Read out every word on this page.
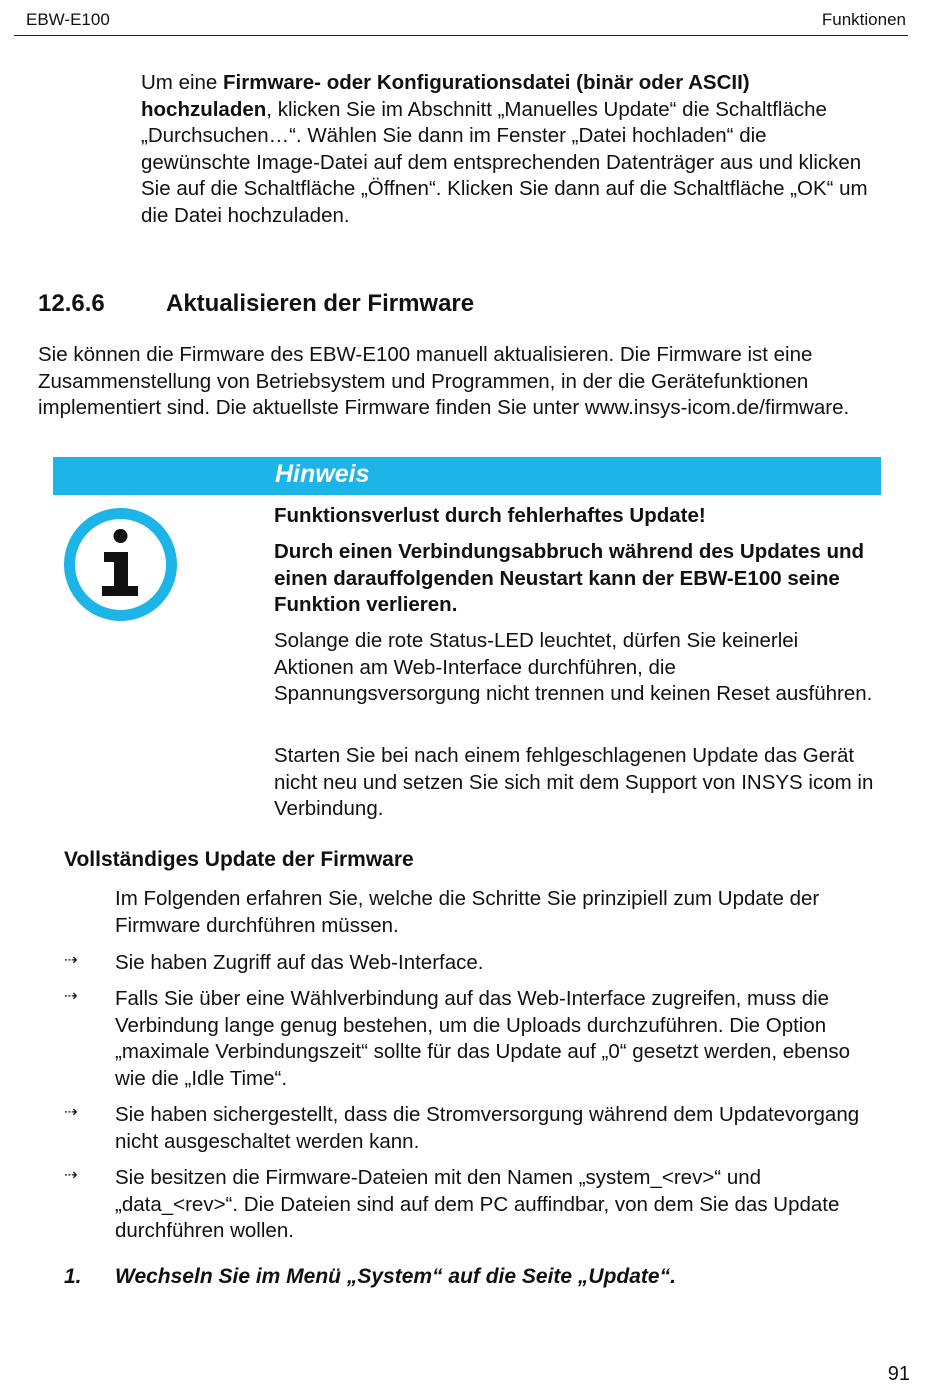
EBW-E100	Funktionen
Um eine Firmware- oder Konfigurationsdatei (binär oder ASCII) hochzuladen, klicken Sie im Abschnitt „Manuelles Update“ die Schaltfläche „Durchsuchen…“. Wählen Sie dann im Fenster „Datei hochladen“ die gewünschte Image-Datei auf dem entsprechenden Datenträger aus und klicken Sie auf die Schaltfläche „Öffnen“. Klicken Sie dann auf die Schaltfläche „OK“ um die Datei hochzuladen.
12.6.6	Aktualisieren der Firmware
Sie können die Firmware des EBW-E100 manuell aktualisieren. Die Firmware ist eine Zusammenstellung von Betriebsystem und Programmen, in der die Gerätefunktionen implementiert sind. Die aktuellste Firmware finden Sie unter www.insys-icom.de/firmware.
Hinweis
Funktionsverlust durch fehlerhaftes Update!
Durch einen Verbindungsabbruch während des Updates und einen darauffolgenden Neustart kann der EBW-E100 seine Funktion verlieren.
Solange die rote Status-LED leuchtet, dürfen Sie keinerlei Aktionen am Web-Interface durchführen, die Spannungsversorgung nicht trennen und keinen Reset ausführen.
Starten Sie bei nach einem fehlgeschlagenen Update das Gerät nicht neu und setzen Sie sich mit dem Support von INSYS icom in Verbindung.
Vollständiges Update der Firmware
Im Folgenden erfahren Sie, welche die Schritte Sie prinzipiell zum Update der Firmware durchführen müssen.
⇢ Sie haben Zugriff auf das Web-Interface.
⇢ Falls Sie über eine Wählverbindung auf das Web-Interface zugreifen, muss die Verbindung lange genug bestehen, um die Uploads durchzuführen. Die Option „maximale Verbindungszeit“ sollte für das Update auf „0“ gesetzt werden, ebenso wie die „Idle Time“.
⇢ Sie haben sichergestellt, dass die Stromversorgung während dem Updatevorgang nicht ausgeschaltet werden kann.
⇢ Sie besitzen die Firmware-Dateien mit den Namen „system_<rev>“ und „data_<rev>“. Die Dateien sind auf dem PC auffindbar, von dem Sie das Update durchführen wollen.
1. Wechseln Sie im Menü „System“ auf die Seite „Update“.
91
